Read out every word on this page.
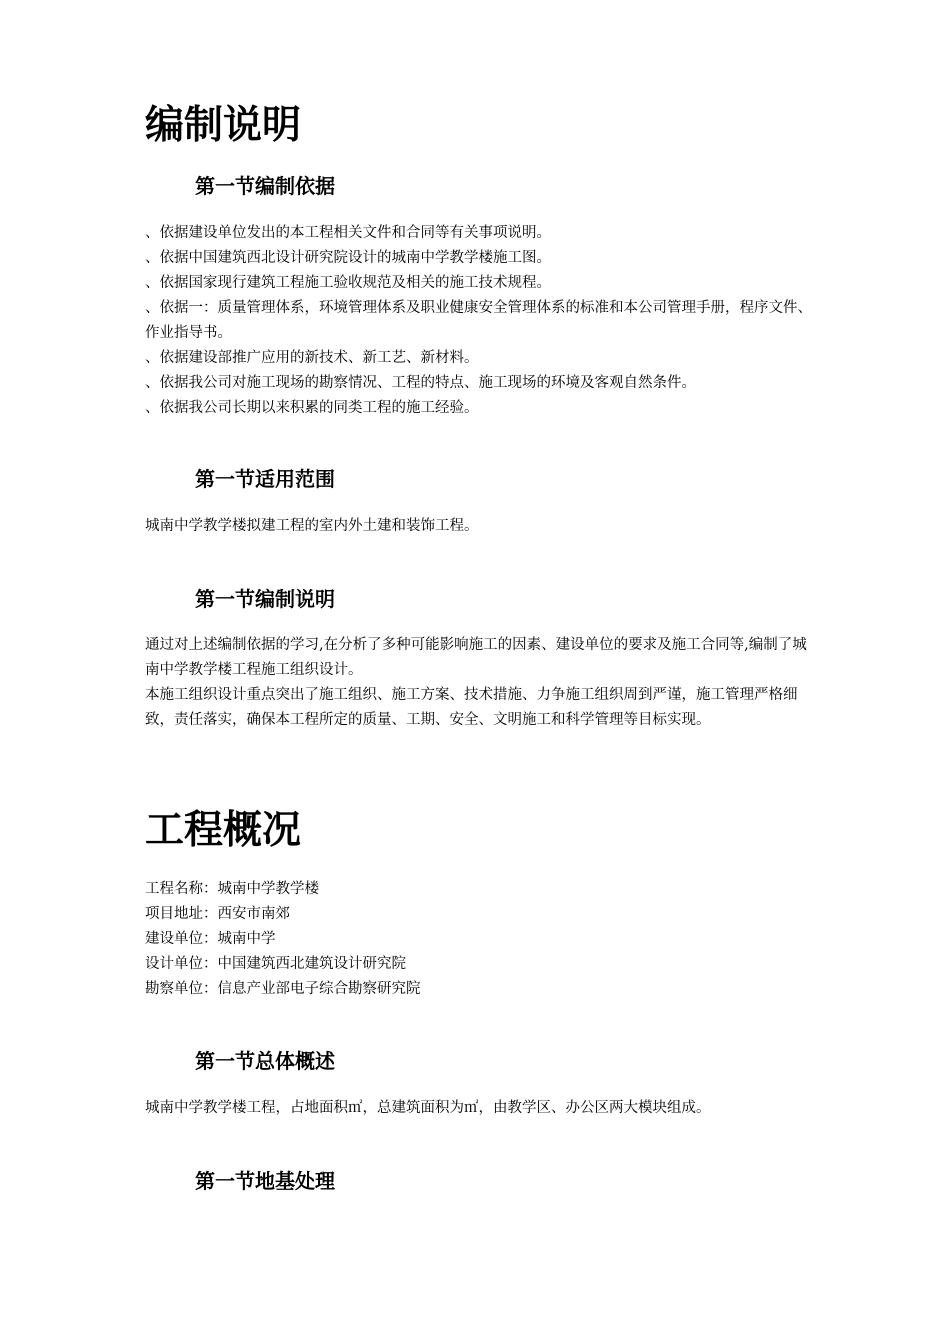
编制说明
第一节编制依据
、依据建设单位发出的本工程相关文件和合同等有关事项说明。
、依据中国建筑西北设计研究院设计的城南中学教学楼施工图。
、依据国家现行建筑工程施工验收规范及相关的施工技术规程。
、依据一：质量管理体系，环境管理体系及职业健康安全管理体系的标准和本公司管理手册，程序文件、作业指导书。
、依据建设部推广应用的新技术、新工艺、新材料。
、依据我公司对施工现场的勘察情况、工程的特点、施工现场的环境及客观自然条件。
、依据我公司长期以来积累的同类工程的施工经验。
第一节适用范围

城南中学教学楼拟建工程的室内外土建和装饰工程。

第一节编制说明
通过对上述编制依据的学习,在分析了多种可能影响施工的因素、建设单位的要求及施工合同等,编制了城南中学教学楼工程施工组织设计。
本施工组织设计重点突出了施工组织、施工方案、技术措施、力争施工组织周到严谨，施工管理严格细致，责任落实，确保本工程所定的质量、工期、安全、文明施工和科学管理等目标实现。
工程概况
工程名称：城南中学教学楼
项目地址：西安市南郊
建设单位：城南中学
设计单位：中国建筑西北建筑设计研究院
勘察单位：信息产业部电子综合勘察研究院
第一节总体概述

城南中学教学楼工程，占地面积㎡，总建筑面积为㎡，由教学区、办公区两大模块组成。

第一节地基处理
